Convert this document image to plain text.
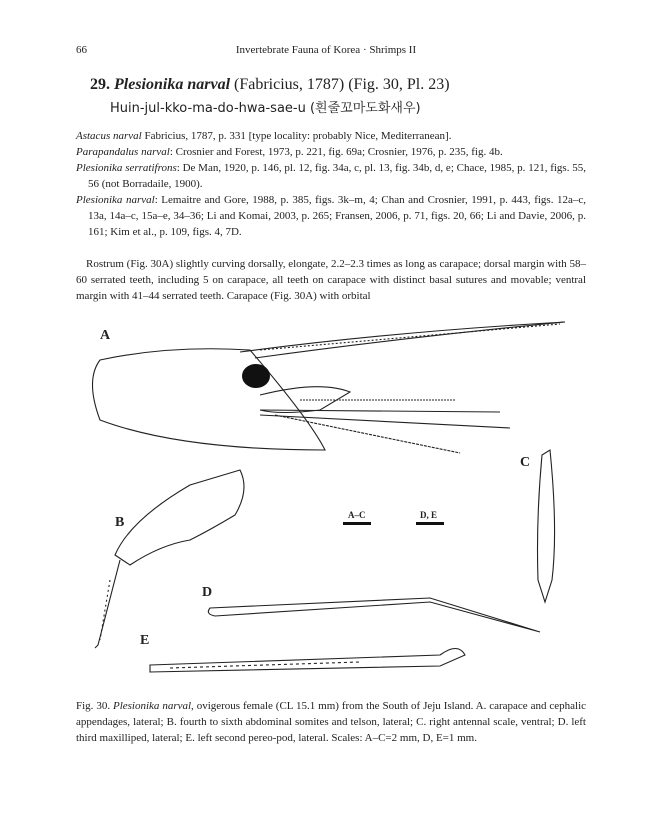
66	Invertebrate Fauna of Korea · Shrimps II
29. Plesionika narval (Fabricius, 1787) (Fig. 30, Pl. 23)
Huin-jul-kko-ma-do-hwa-sae-u (흰줄꼬마도화새우)

Astacus narval Fabricius, 1787, p. 331 [type locality: probably Nice, Mediterranean].

Parapandalus narval: Crosnier and Forest, 1973, p. 221, fig. 69a; Crosnier, 1976, p. 235, fig. 4b.

Plesionika serratifrons: De Man, 1920, p. 146, pl. 12, fig. 34a, c, pl. 13, fig. 34b, d, e; Chace, 1985, p. 121, figs. 55, 56 (not Borradaile, 1900).

Plesionika narval: Lemaitre and Gore, 1988, p. 385, figs. 3k–m, 4; Chan and Crosnier, 1991, p. 443, figs. 12a–c, 13a, 14a–c, 15a–e, 34–36; Li and Komai, 2003, p. 265; Fransen, 2006, p. 71, figs. 20, 66; Li and Davie, 2006, p. 161; Kim et al., p. 109, figs. 4, 7D.

Rostrum (Fig. 30A) slightly curving dorsally, elongate, 2.2–2.3 times as long as carapace; dorsal margin with 58–60 serrated teeth, including 5 on carapace, all teeth on carapace with distinct basal sutures and movable; ventral margin with 41–44 serrated teeth. Carapace (Fig. 30A) with orbital

A
B
C
D
E
A–C	D, E

Fig. 30. Plesionika narval, ovigerous female (CL 15.1 mm) from the South of Jeju Island. A. carapace and cephalic appendages, lateral; B. fourth to sixth abdominal somites and telson, lateral; C. right antennal scale, ventral; D. left third maxilliped, lateral; E. left second pereo-pod, lateral. Scales: A–C=2 mm, D, E=1 mm.
